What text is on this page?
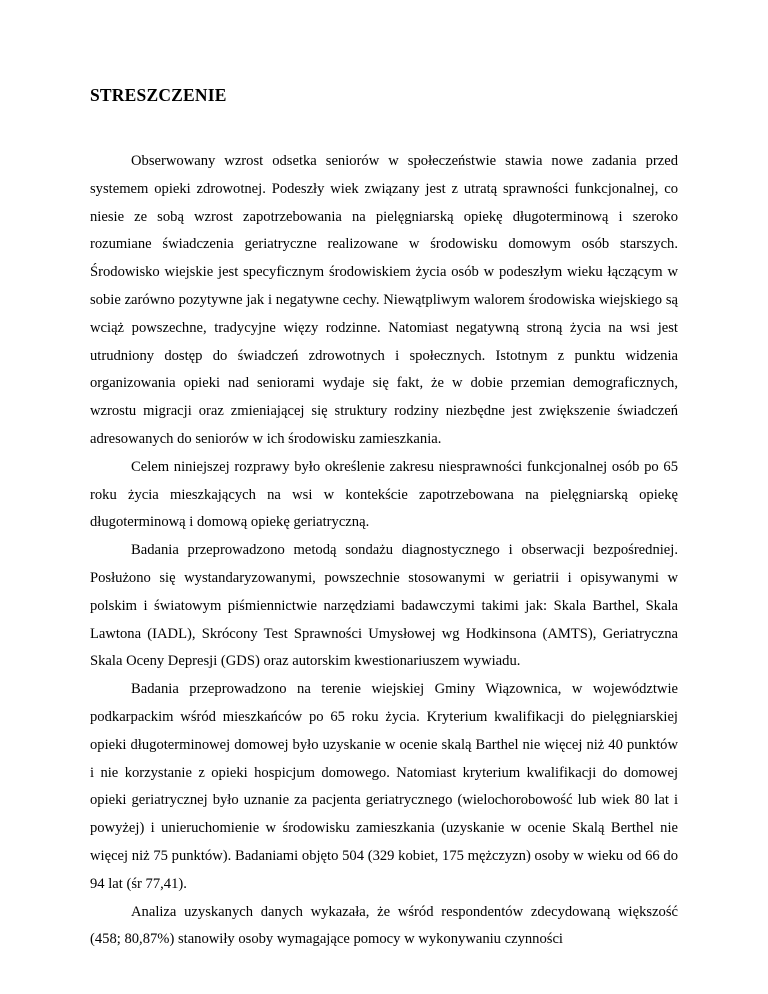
STRESZCZENIE

Obserwowany wzrost odsetka seniorów w społeczeństwie stawia nowe zadania przed systemem opieki zdrowotnej. Podeszły wiek związany jest z utratą sprawności funkcjonalnej, co niesie ze sobą wzrost zapotrzebowania na pielęgniarską opiekę długoterminową i szeroko rozumiane świadczenia geriatryczne realizowane w środowisku domowym osób starszych. Środowisko wiejskie jest specyficznym środowiskiem życia osób w podeszłym wieku łączącym w sobie zarówno pozytywne jak i negatywne cechy. Niewątpliwym walorem środowiska wiejskiego są wciąż powszechne, tradycyjne więzy rodzinne. Natomiast negatywną stroną życia na wsi jest utrudniony dostęp do świadczeń zdrowotnych i społecznych. Istotnym z punktu widzenia organizowania opieki nad seniorami wydaje się fakt, że w dobie przemian demograficznych, wzrostu migracji oraz zmieniającej się struktury rodziny niezbędne jest zwiększenie świadczeń adresowanych do seniorów w ich środowisku zamieszkania.

Celem niniejszej rozprawy było określenie zakresu niesprawności funkcjonalnej osób po 65 roku życia mieszkających na wsi w kontekście zapotrzebowana na pielęgniarską opiekę długoterminową i domową opiekę geriatryczną.

Badania przeprowadzono metodą sondażu diagnostycznego i obserwacji bezpośredniej. Posłużono się wystandaryzowanymi, powszechnie stosowanymi w geriatrii i opisywanymi w polskim i światowym piśmiennictwie narzędziami badawczymi takimi jak: Skala Barthel, Skala Lawtona (IADL), Skrócony Test Sprawności Umysłowej wg Hodkinsona (AMTS), Geriatryczna Skala Oceny Depresji (GDS) oraz autorskim kwestionariuszem wywiadu.

Badania przeprowadzono na terenie wiejskiej Gminy Wiązownica, w województwie podkarpackim wśród mieszkańców po 65 roku życia. Kryterium kwalifikacji do pielęgniarskiej opieki długoterminowej domowej było uzyskanie w ocenie skalą Barthel nie więcej niż 40 punktów i nie korzystanie z opieki hospicjum domowego. Natomiast kryterium kwalifikacji do domowej opieki geriatrycznej było uznanie za pacjenta geriatrycznego (wielochorobowość lub wiek 80 lat i powyżej) i unieruchomienie w środowisku zamieszkania (uzyskanie w ocenie Skalą Berthel nie więcej niż 75 punktów). Badaniami objęto 504 (329 kobiet, 175 mężczyzn) osoby w wieku od 66 do 94 lat (śr 77,41).

Analiza uzyskanych danych wykazała, że wśród respondentów zdecydowaną większość (458; 80,87%) stanowiły osoby wymagające pomocy w wykonywaniu czynności
